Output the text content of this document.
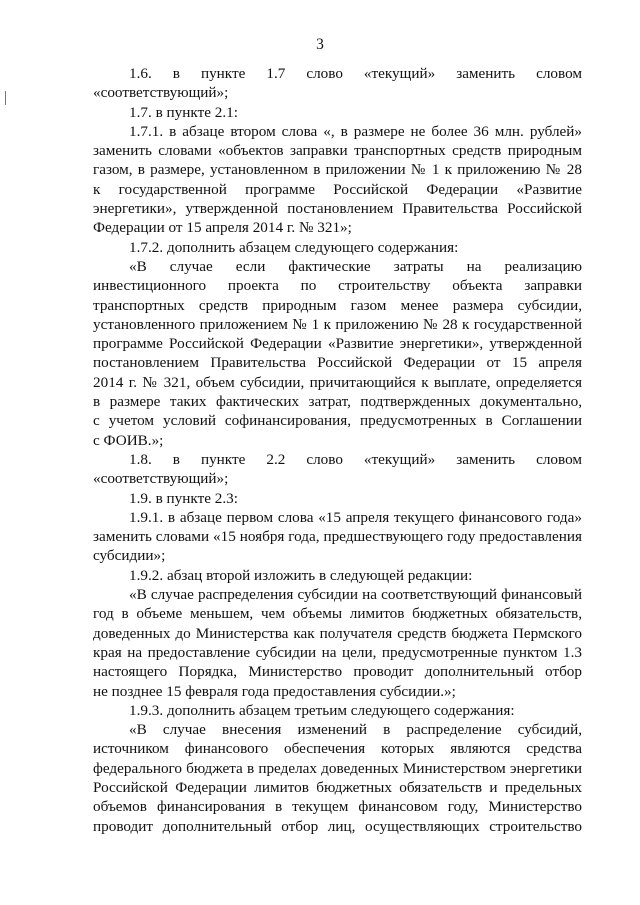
3
1.6. в пункте 1.7 слово «текущий» заменить словом
«соответствующий»;
1.7. в пункте 2.1:
1.7.1. в абзаце втором слова «, в размере не более 36 млн. рублей»
заменить словами «объектов заправки транспортных средств природным
газом, в размере, установленном в приложении № 1 к приложению № 28
к государственной программе Российской Федерации «Развитие
энергетики», утвержденной постановлением Правительства Российской
Федерации от 15 апреля 2014 г. № 321»;
1.7.2. дополнить абзацем следующего содержания:
«В случае если фактические затраты на реализацию
инвестиционного проекта по строительству объекта заправки
транспортных средств природным газом менее размера субсидии,
установленного приложением № 1 к приложению № 28 к государственной
программе Российской Федерации «Развитие энергетики», утвержденной
постановлением Правительства Российской Федерации от 15 апреля
2014 г. № 321, объем субсидии, причитающийся к выплате, определяется
в размере таких фактических затрат, подтвержденных документально,
с учетом условий софинансирования, предусмотренных в Соглашении
с ФОИВ.»;
1.8. в пункте 2.2 слово «текущий» заменить словом
«соответствующий»;
1.9. в пункте 2.3:
1.9.1. в абзаце первом слова «15 апреля текущего финансового года»
заменить словами «15 ноября года, предшествующего году предоставления
субсидии»;
1.9.2. абзац второй изложить в следующей редакции:
«В случае распределения субсидии на соответствующий финансовый
год в объеме меньшем, чем объемы лимитов бюджетных обязательств,
доведенных до Министерства как получателя средств бюджета Пермского
края на предоставление субсидии на цели, предусмотренные пунктом 1.3
настоящего Порядка, Министерство проводит дополнительный отбор
не позднее 15 февраля года предоставления субсидии.»;
1.9.3. дополнить абзацем третьим следующего содержания:
«В случае внесения изменений в распределение субсидий,
источником финансового обеспечения которых являются средства
федерального бюджета в пределах доведенных Министерством энергетики
Российской Федерации лимитов бюджетных обязательств и предельных
объемов финансирования в текущем финансовом году, Министерство
проводит дополнительный отбор лиц, осуществляющих строительство
